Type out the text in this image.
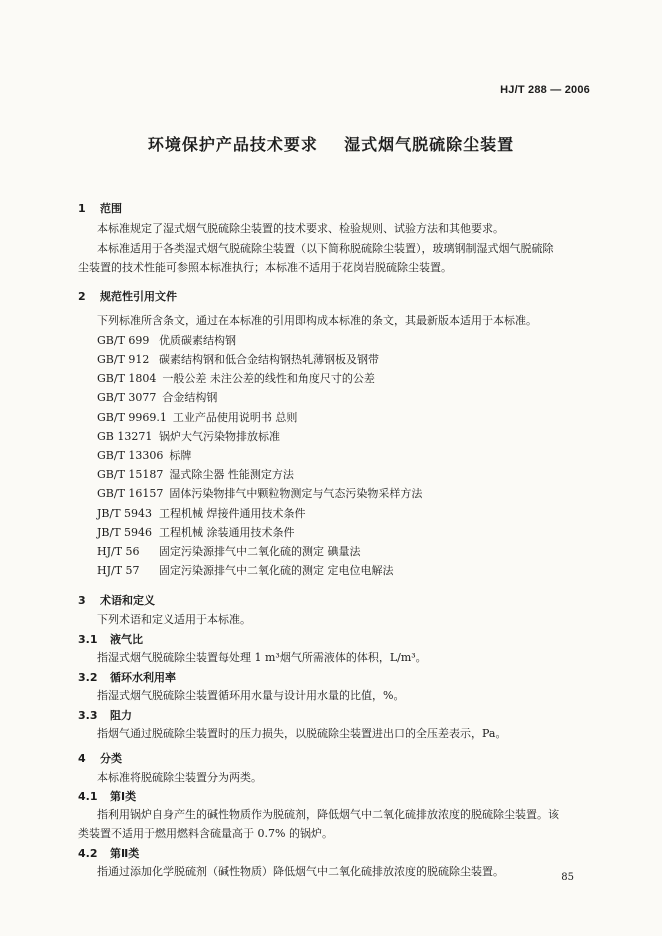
HJ/T 288 — 2006
环境保护产品技术要求    湿式烟气脱硫除尘装置
1 范围
本标准规定了湿式烟气脱硫除尘装置的技术要求、检验规则、试验方法和其他要求。
本标准适用于各类湿式烟气脱硫除尘装置（以下简称脱硫除尘装置），玻璃钢制湿式烟气脱硫除
尘装置的技术性能可参照本标准执行；本标准不适用于花岗岩脱硫除尘装置。
2 规范性引用文件
下列标准所含条文，通过在本标准的引用即构成本标准的条文，其最新版本适用于本标准。
GB/T 699 优质碳素结构钢
GB/T 912 碳素结构钢和低合金结构钢热轧薄钢板及钢带
GB/T 1804 一般公差 未注公差的线性和角度尺寸的公差
GB/T 3077 合金结构钢
GB/T 9969.1 工业产品使用说明书 总则
GB 13271 锅炉大气污染物排放标准
GB/T 13306 标牌
GB/T 15187 湿式除尘器 性能测定方法
GB/T 16157 固体污染物排气中颗粒物测定与气态污染物采样方法
JB/T 5943 工程机械 焊接件通用技术条件
JB/T 5946 工程机械 涂装通用技术条件
HJ/T 56 固定污染源排气中二氧化硫的测定 碘量法
HJ/T 57 固定污染源排气中二氧化硫的测定 定电位电解法
3 术语和定义
下列术语和定义适用于本标准。
3.1 液气比
指湿式烟气脱硫除尘装置每处理 1 m³烟气所需液体的体积，L/m³。
3.2 循环水利用率
指湿式烟气脱硫除尘装置循环用水量与设计用水量的比值，%。
3.3 阻力
指烟气通过脱硫除尘装置时的压力损失，以脱硫除尘装置进出口的全压差表示，Pa。
4 分类
本标准将脱硫除尘装置分为两类。
4.1 第Ⅰ类
指利用锅炉自身产生的碱性物质作为脱硫剂，降低烟气中二氧化硫排放浓度的脱硫除尘装置。该
类装置不适用于燃用燃料含硫量高于 0.7% 的锅炉。
4.2 第Ⅱ类
指通过添加化学脱硫剂（碱性物质）降低烟气中二氧化硫排放浓度的脱硫除尘装置。	85
